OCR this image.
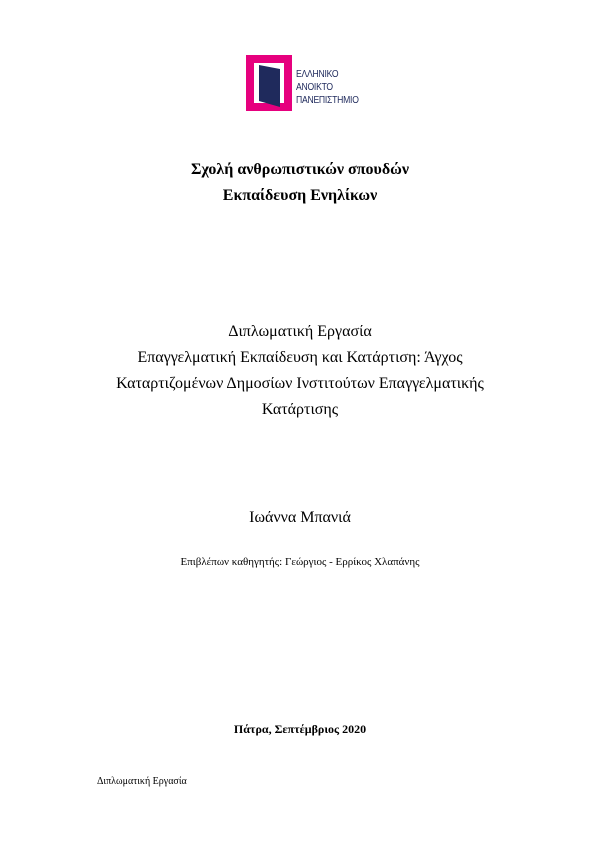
ΕΛΛΗΝΙΚΟ
ΑΝΟΙΚΤΟ
ΠΑΝΕΠΙΣΤΗΜΙΟ
Σχολή ανθρωπιστικών σπουδών
Εκπαίδευση Ενηλίκων
Διπλωματική Εργασία
Επαγγελματική Εκπαίδευση και Κατάρτιση: Άγχος
Καταρτιζομένων Δημοσίων Ινστιτούτων Επαγγελματικής
Κατάρτισης
Ιωάννα Μπανιά
Επιβλέπων καθηγητής: Γεώργιος - Ερρίκος Χλαπάνης
Πάτρα, Σεπτέμβριος 2020
Διπλωματική Εργασία
